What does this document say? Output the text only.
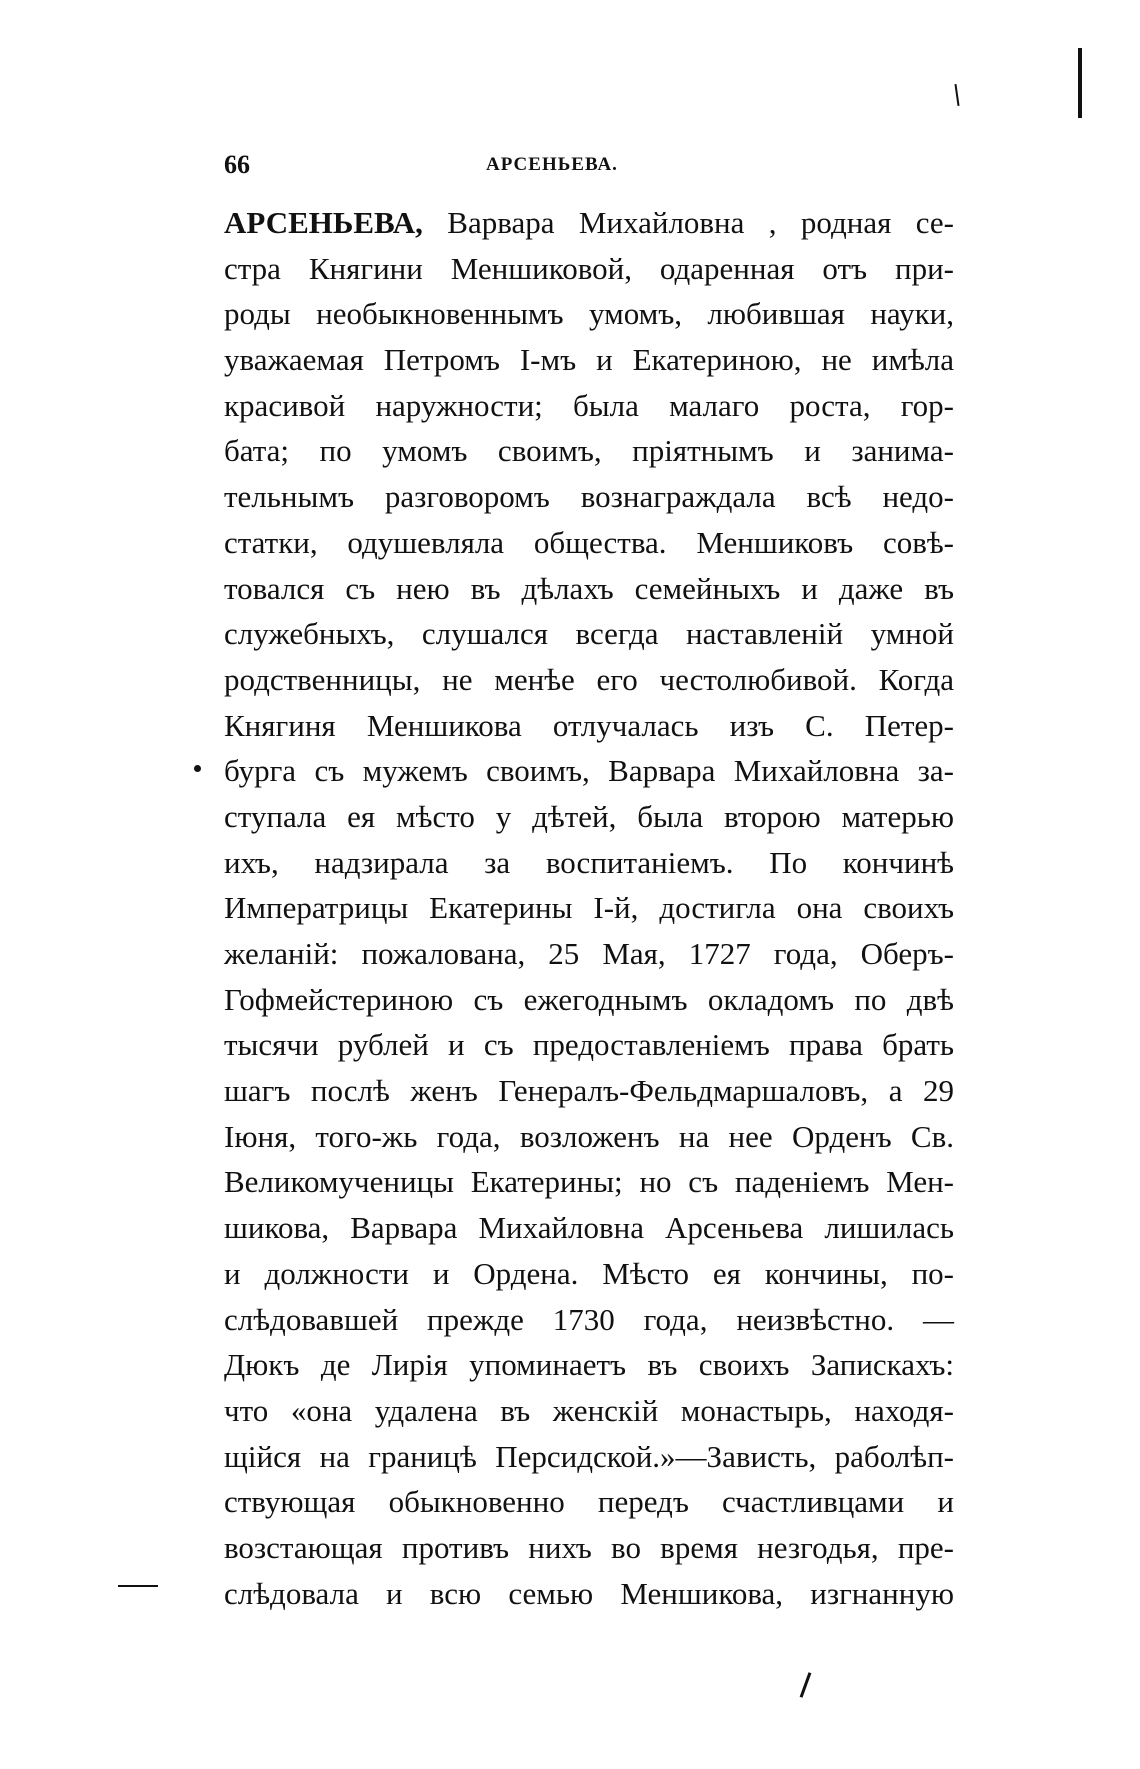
66	АРСЕНЬЕВА.
АРСЕНЬЕВА, Варвара Михайловна , родная се-
стра Княгини Меншиковой, одаренная отъ при-
роды необыкновеннымъ умомъ, любившая науки,
уважаемая Петромъ I-мъ и Екатериною, не имѣла
красивой наружности; была малаго роста, гор-
бата; по умомъ своимъ, пріятнымъ и занима-
тельнымъ разговоромъ вознаграждала всѣ недо-
статки, одушевляла общества. Меншиковъ совѣ-
товался съ нею въ дѣлахъ семейныхъ и даже въ
служебныхъ, слушался всегда наставленій умной
родственницы, не менѣе его честолюбивой. Когда
Княгиня Меншикова отлучалась изъ С. Петер-
бурга съ мужемъ своимъ, Варвара Михайловна за-
ступала ея мѣсто у дѣтей, была второю матерью
ихъ, надзирала за воспитаніемъ. По кончинѣ
Императрицы Екатерины I-й, достигла она своихъ
желаній: пожалована, 25 Мая, 1727 года, Оберъ-
Гофмейстериною съ ежегоднымъ окладомъ по двѣ
тысячи рублей и съ предоставленіемъ права брать
шагъ послѣ женъ Генералъ-Фельдмаршаловъ, а 29
Іюня, того-жь года, возложенъ на нее Орденъ Св.
Великомученицы Екатерины; но съ паденіемъ Мен-
шикова, Варвара Михайловна Арсеньева лишилась
и должности и Ордена. Мѣсто ея кончины, по-
слѣдовавшей прежде 1730 года, неизвѣстно. —
Дюкъ де Лирія упоминаетъ въ своихъ Запискахъ:
что «она удалена въ женскій монастырь, находя-
щійся на границѣ Персидской.»—Зависть, раболѣп-
ствующая обыкновенно передъ счастливцами и
возстающая противъ нихъ во время незгодья, пре-
слѣдовала и всю семью Меншикова, изгнанную
